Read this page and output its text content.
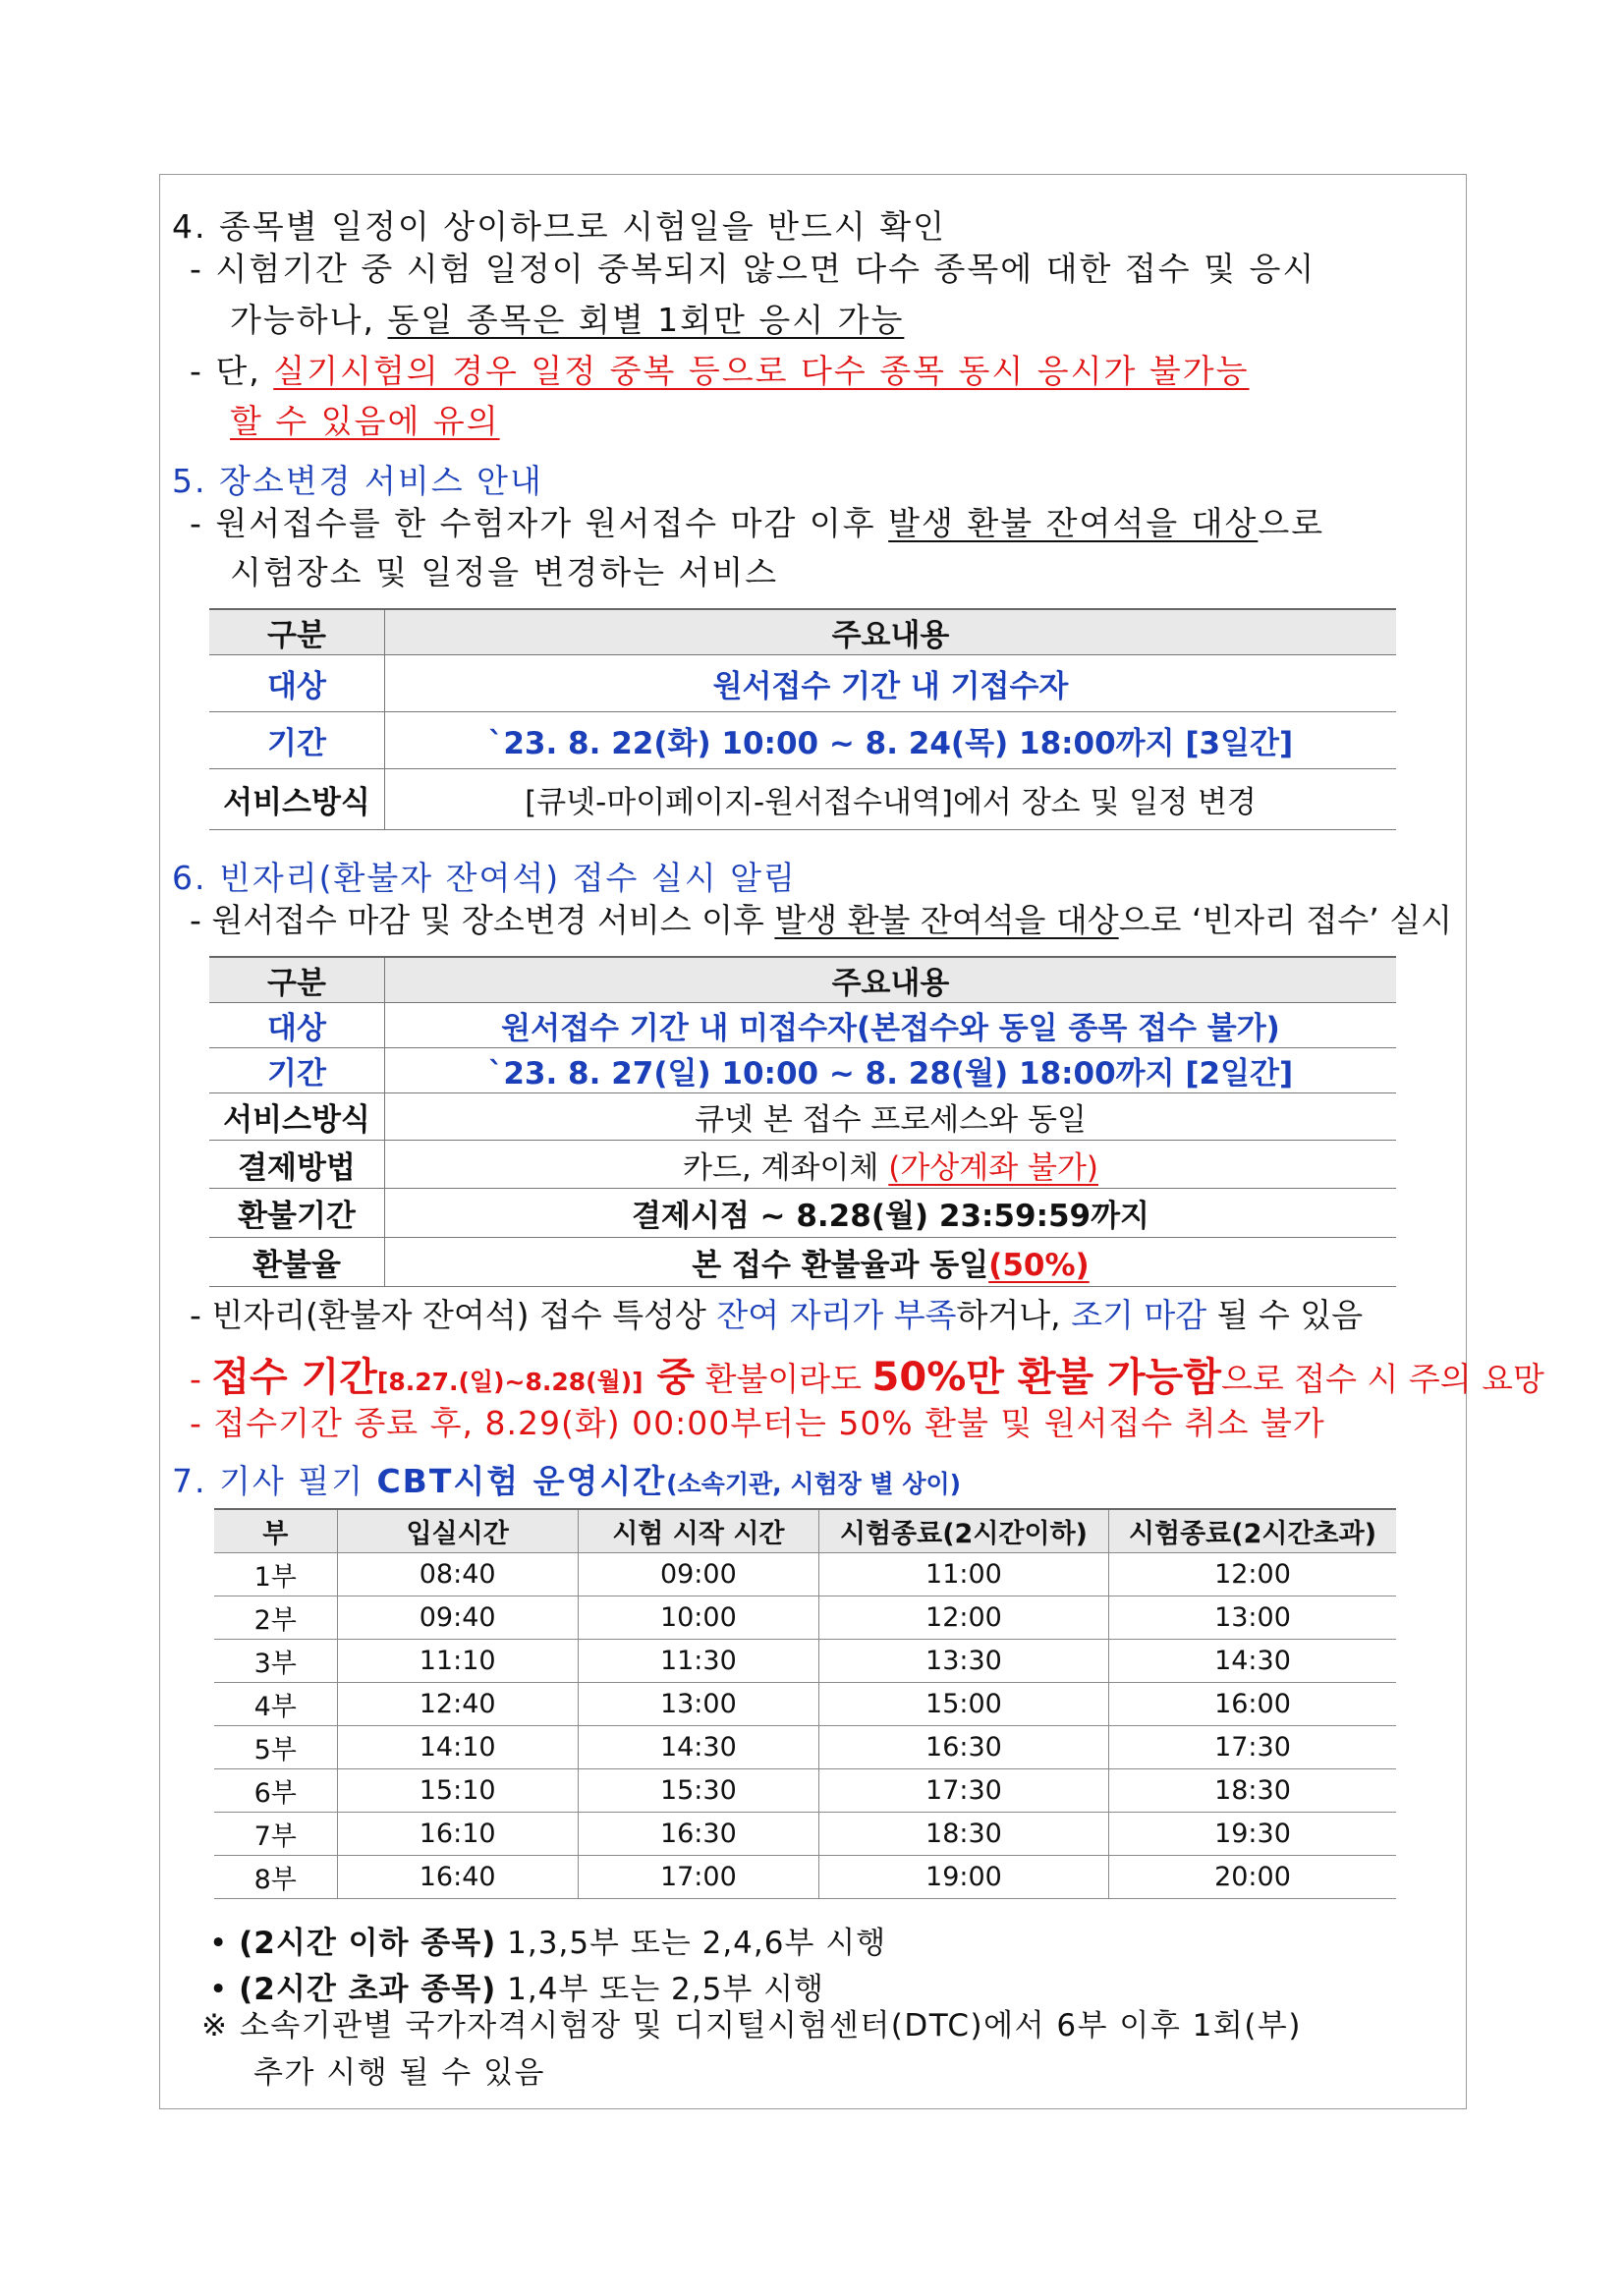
4. 종목별 일정이 상이하므로 시험일을 반드시 확인
- 시험기간 중 시험 일정이 중복되지 않으면 다수 종목에 대한 접수 및 응시
가능하나, 동일 종목은 회별 1회만 응시 가능
- 단, 실기시험의 경우 일정 중복 등으로 다수 종목 동시 응시가 불가능
할 수 있음에 유의
5. 장소변경 서비스 안내
- 원서접수를 한 수험자가 원서접수 마감 이후 발생 환불 잔여석을 대상으로
시험장소 및 일정을 변경하는 서비스
구분	주요내용
대상	원서접수 기간 내 기접수자
기간	`23. 8. 22(화) 10:00 ~ 8. 24(목) 18:00까지 [3일간]
서비스방식	[큐넷-마이페이지-원서접수내역]에서 장소 및 일정 변경
6. 빈자리(환불자 잔여석) 접수 실시 알림
- 원서접수 마감 및 장소변경 서비스 이후 발생 환불 잔여석을 대상으로 ‘빈자리 접수’ 실시
구분	주요내용
대상	원서접수 기간 내 미접수자(본접수와 동일 종목 접수 불가)
기간	`23. 8. 27(일) 10:00 ~ 8. 28(월) 18:00까지 [2일간]
서비스방식	큐넷 본 접수 프로세스와 동일
결제방법	카드, 계좌이체 (가상계좌 불가)
환불기간	결제시점 ~ 8.28(월) 23:59:59까지
환불율	본 접수 환불율과 동일(50%)
- 빈자리(환불자 잔여석) 접수 특성상 잔여 자리가 부족하거나, 조기 마감 될 수 있음
- 접수 기간[8.27.(일)~8.28(월)] 중 환불이라도 50%만 환불 가능함으로 접수 시 주의 요망
- 접수기간 종료 후, 8.29(화) 00:00부터는 50% 환불 및 원서접수 취소 불가
7. 기사 필기 CBT시험 운영시간(소속기관, 시험장 별 상이)
부	입실시간	시험 시작 시간	시험종료(2시간이하)	시험종료(2시간초과)
1부	08:40	09:00	11:00	12:00
2부	09:40	10:00	12:00	13:00
3부	11:10	11:30	13:30	14:30
4부	12:40	13:00	15:00	16:00
5부	14:10	14:30	16:30	17:30
6부	15:10	15:30	17:30	18:30
7부	16:10	16:30	18:30	19:30
8부	16:40	17:00	19:00	20:00
• (2시간 이하 종목) 1,3,5부 또는 2,4,6부 시행
• (2시간 초과 종목) 1,4부 또는 2,5부 시행
※ 소속기관별 국가자격시험장 및 디지털시험센터(DTC)에서 6부 이후 1회(부)
추가 시행 될 수 있음
